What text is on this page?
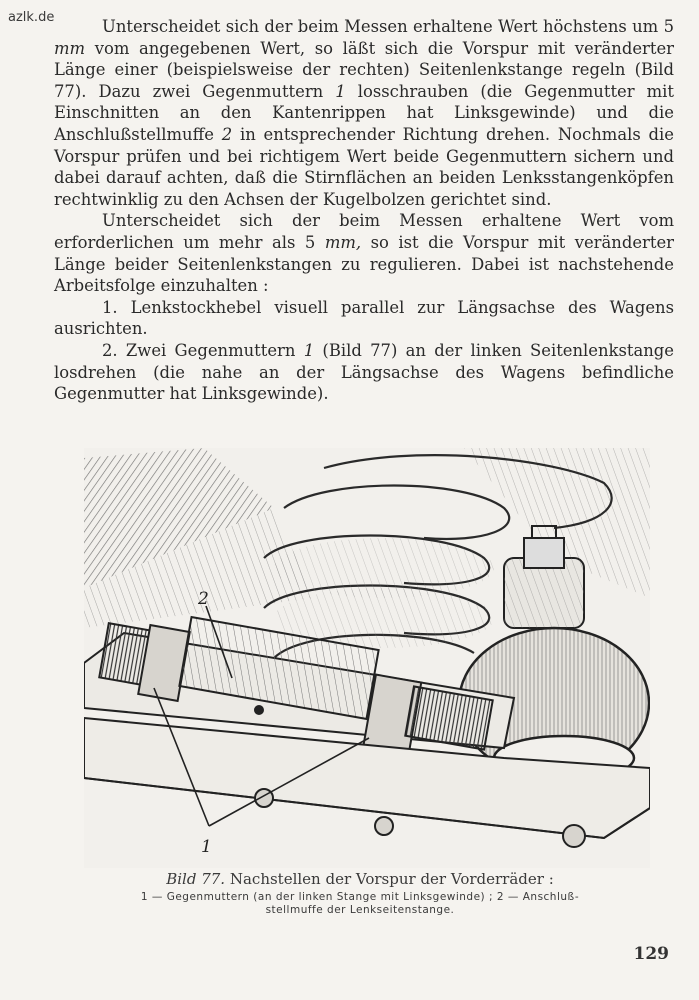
azlk.de	Unterscheidet sich der beim Messen erhaltene Wert höchstens um 5 mm vom angegebenen Wert, so läßt sich die Vorspur mit veränderter Länge einer (beispielsweise der rechten) Seitenlenkstange regeln (Bild 77). Dazu zwei Gegenmuttern 1 losschrauben (die Gegenmutter mit Einschnitten an den Kantenrippen hat Linksgewinde) und die Anschlußstellmuffe 2 in entsprechender Richtung drehen. Nochmals die Vorspur prüfen und bei richtigem Wert beide Gegenmuttern sichern und dabei darauf achten, daß die Stirnflächen an beiden Lenksstangenköpfen rechtwinklig zu den Achsen der Kugelbolzen gerichtet sind.

Unterscheidet sich der beim Messen erhaltene Wert vom erforderlichen um mehr als 5 mm, so ist die Vorspur mit veränderter Länge beider Seitenlenkstangen zu regulieren. Dabei ist nachstehende Arbeitsfolge einzuhalten :

1. Lenkstockhebel visuell parallel zur Längsachse des Wagens ausrichten.

2. Zwei Gegenmuttern 1 (Bild 77) an der linken Seitenlenkstange losdrehen (die nahe an der Längsachse des Wagens befindliche Gegenmutter hat Linksgewinde).

2
1
Bild 77. Nachstellen der Vorspur der Vorderräder :
1 — Gegenmuttern (an der linken Stange mit Linksgewinde) ; 2 — Anschluß-
stellmuffe der Lenkseitenstange.
129
